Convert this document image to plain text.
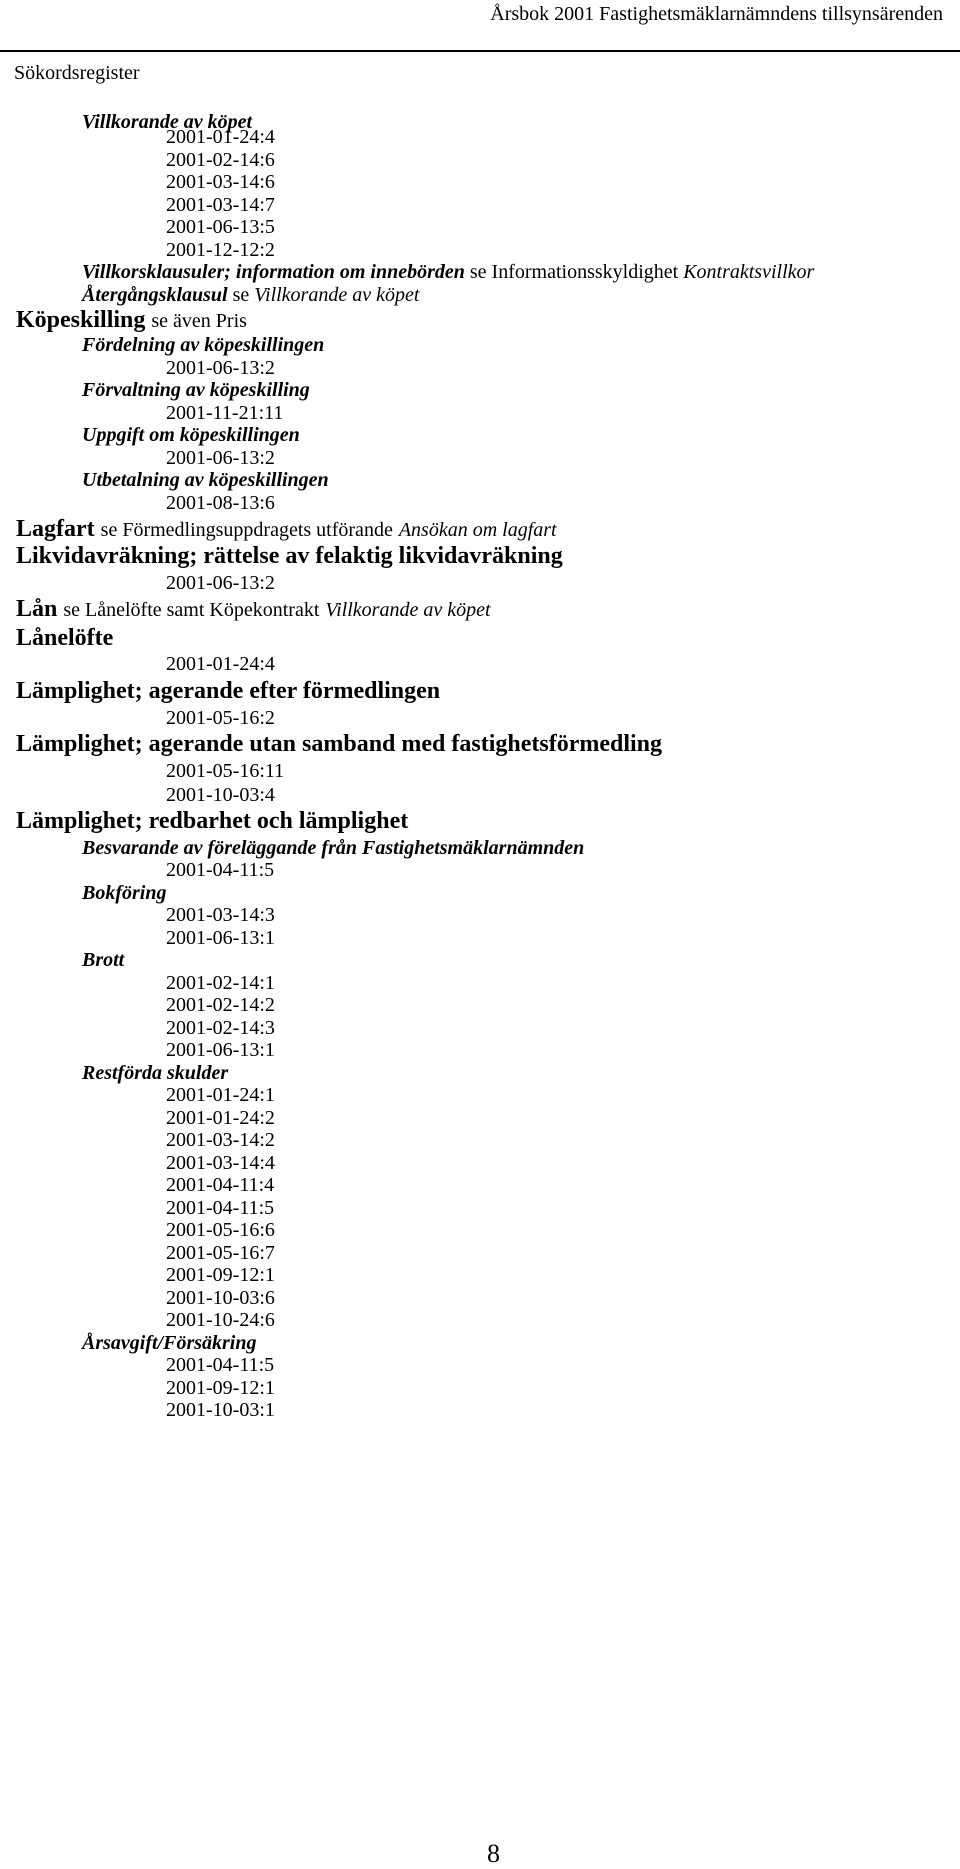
Årsbok 2001 Fastighetsmäklarnämndens tillsynsärenden
Sökordsregister
Villkorande av köpet
2001-01-24:4
2001-02-14:6
2001-03-14:6
2001-03-14:7
2001-06-13:5
2001-12-12:2
Villkorsklausuler; information om innebörden se Informationsskyldighet Kontraktsvillkor
Återgångsklausul se Villkorande av köpet
Köpeskilling se även Pris
Fördelning av köpeskillingen
2001-06-13:2
Förvaltning av köpeskilling
2001-11-21:11
Uppgift om köpeskillingen
2001-06-13:2
Utbetalning av köpeskillingen
2001-08-13:6
Lagfart se Förmedlingsuppdragets utförande Ansökan om lagfart
Likvidavräkning; rättelse av felaktig likvidavräkning
2001-06-13:2
Lån se Lånelöfte samt Köpekontrakt Villkorande av köpet
Lånelöfte
2001-01-24:4
Lämplighet; agerande efter förmedlingen
2001-05-16:2
Lämplighet; agerande utan samband med fastighetsförmedling
2001-05-16:11
2001-10-03:4
Lämplighet; redbarhet och lämplighet
Besvarande av föreläggande från Fastighetsmäklarnämnden
2001-04-11:5
Bokföring
2001-03-14:3
2001-06-13:1
Brott
2001-02-14:1
2001-02-14:2
2001-02-14:3
2001-06-13:1
Restförda skulder
2001-01-24:1
2001-01-24:2
2001-03-14:2
2001-03-14:4
2001-04-11:4
2001-04-11:5
2001-05-16:6
2001-05-16:7
2001-09-12:1
2001-10-03:6
2001-10-24:6
Årsavgift/Försäkring
2001-04-11:5
2001-09-12:1
2001-10-03:1
8
